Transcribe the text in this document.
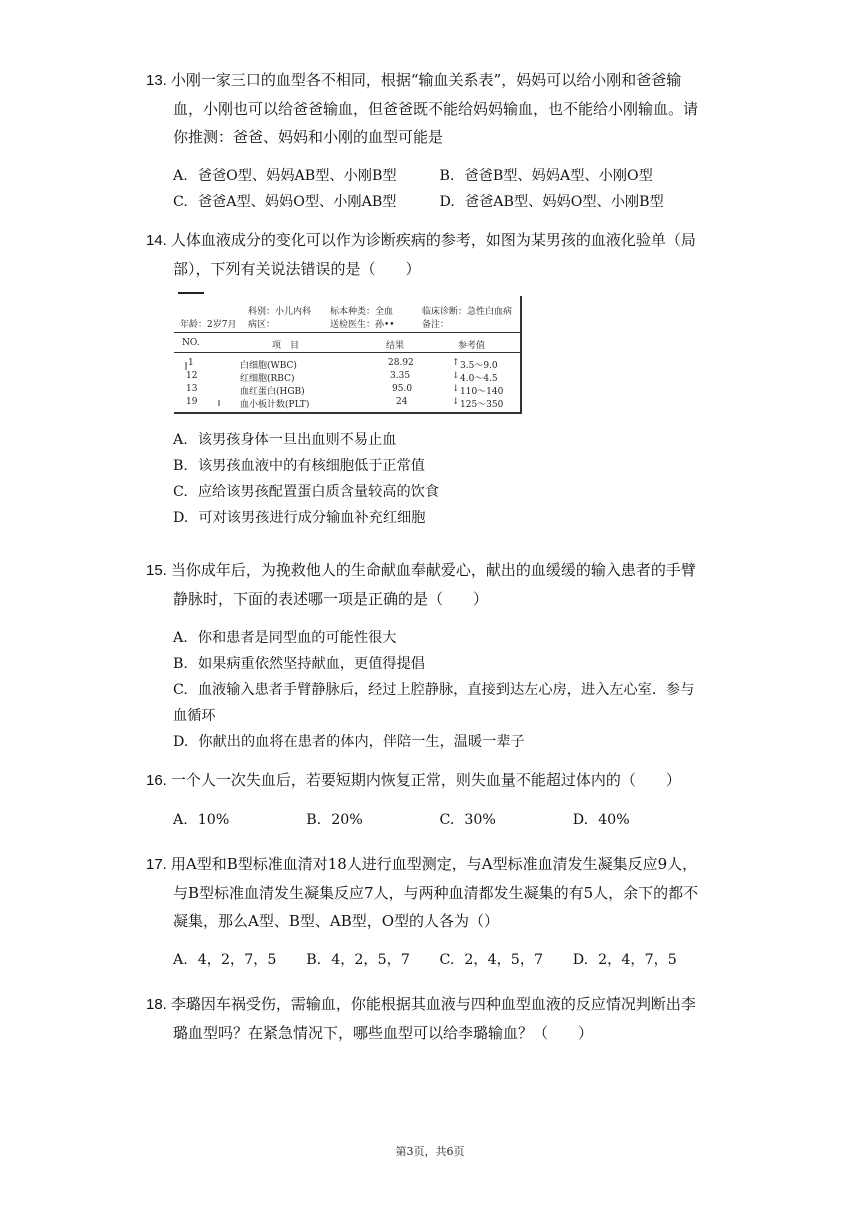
13. 小刚一家三口的血型各不相同，根据“输血关系表”，妈妈可以给小刚和爸爸输血，小刚也可以给爸爸输血，但爸爸既不能给妈妈输血，也不能给小刚输血。请你推测：爸爸、妈妈和小刚的血型可能是

A. 爸爸O型、妈妈AB型、小刚B型	B. 爸爸B型、妈妈A型、小刚O型
C. 爸爸A型、妈妈O型、小刚AB型	D. 爸爸AB型、妈妈O型、小刚B型

14. 人体血液成分的变化可以作为诊断疾病的参考，如图为某男孩的血液化验单（局部），下列有关说法错误的是（　　）

科别：小儿内科 标本种类：全血	临床诊断：急性白血病
年龄：2岁7月 病区：	送检医生：孙••	备注：
NO.	项　目	结果	参考值
1	白细胞(WBC)	28.92	↑ 3.5～9.0
12	红细胞(RBC)	3.35	↓ 4.0～4.5
13	血红蛋白(HGB)	95.0	↓ 110～140
19	血小板计数(PLT)	24	↓ 125～350
A. 该男孩身体一旦出血则不易止血
B. 该男孩血液中的有核细胞低于正常值
C. 应给该男孩配置蛋白质含量较高的饮食
D. 可对该男孩进行成分输血补充红细胞

15. 当你成年后，为挽救他人的生命献血奉献爱心，献出的血缓缓的输入患者的手臂静脉时，下面的表述哪一项是正确的是（　　）

A. 你和患者是同型血的可能性很大
B. 如果病重依然坚持献血，更值得提倡
C. 血液输入患者手臂静脉后，经过上腔静脉，直接到达左心房，进入左心室．参与血循环
D. 你献出的血将在患者的体内，伴陪一生，温暖一辈子

16. 一个人一次失血后，若要短期内恢复正常，则失血量不能超过体内的（　　）

A. 10%	B. 20%	C. 30%	D. 40%

17. 用A型和B型标准血清对18人进行血型测定，与A型标准血清发生凝集反应9人，与B型标准血清发生凝集反应7人，与两种血清都发生凝集的有5人，余下的都不凝集，那么A型、B型、AB型，O型的人各为（）

A. 4，2，7，5	B. 4，2，5，7	C. 2，4，5，7	D. 2，4，7，5

18. 李璐因车祸受伤，需输血，你能根据其血液与四种血型血液的反应情况判断出李璐血型吗？在紧急情况下，哪些血型可以给李璐输血？（　　）

第3页，共6页
